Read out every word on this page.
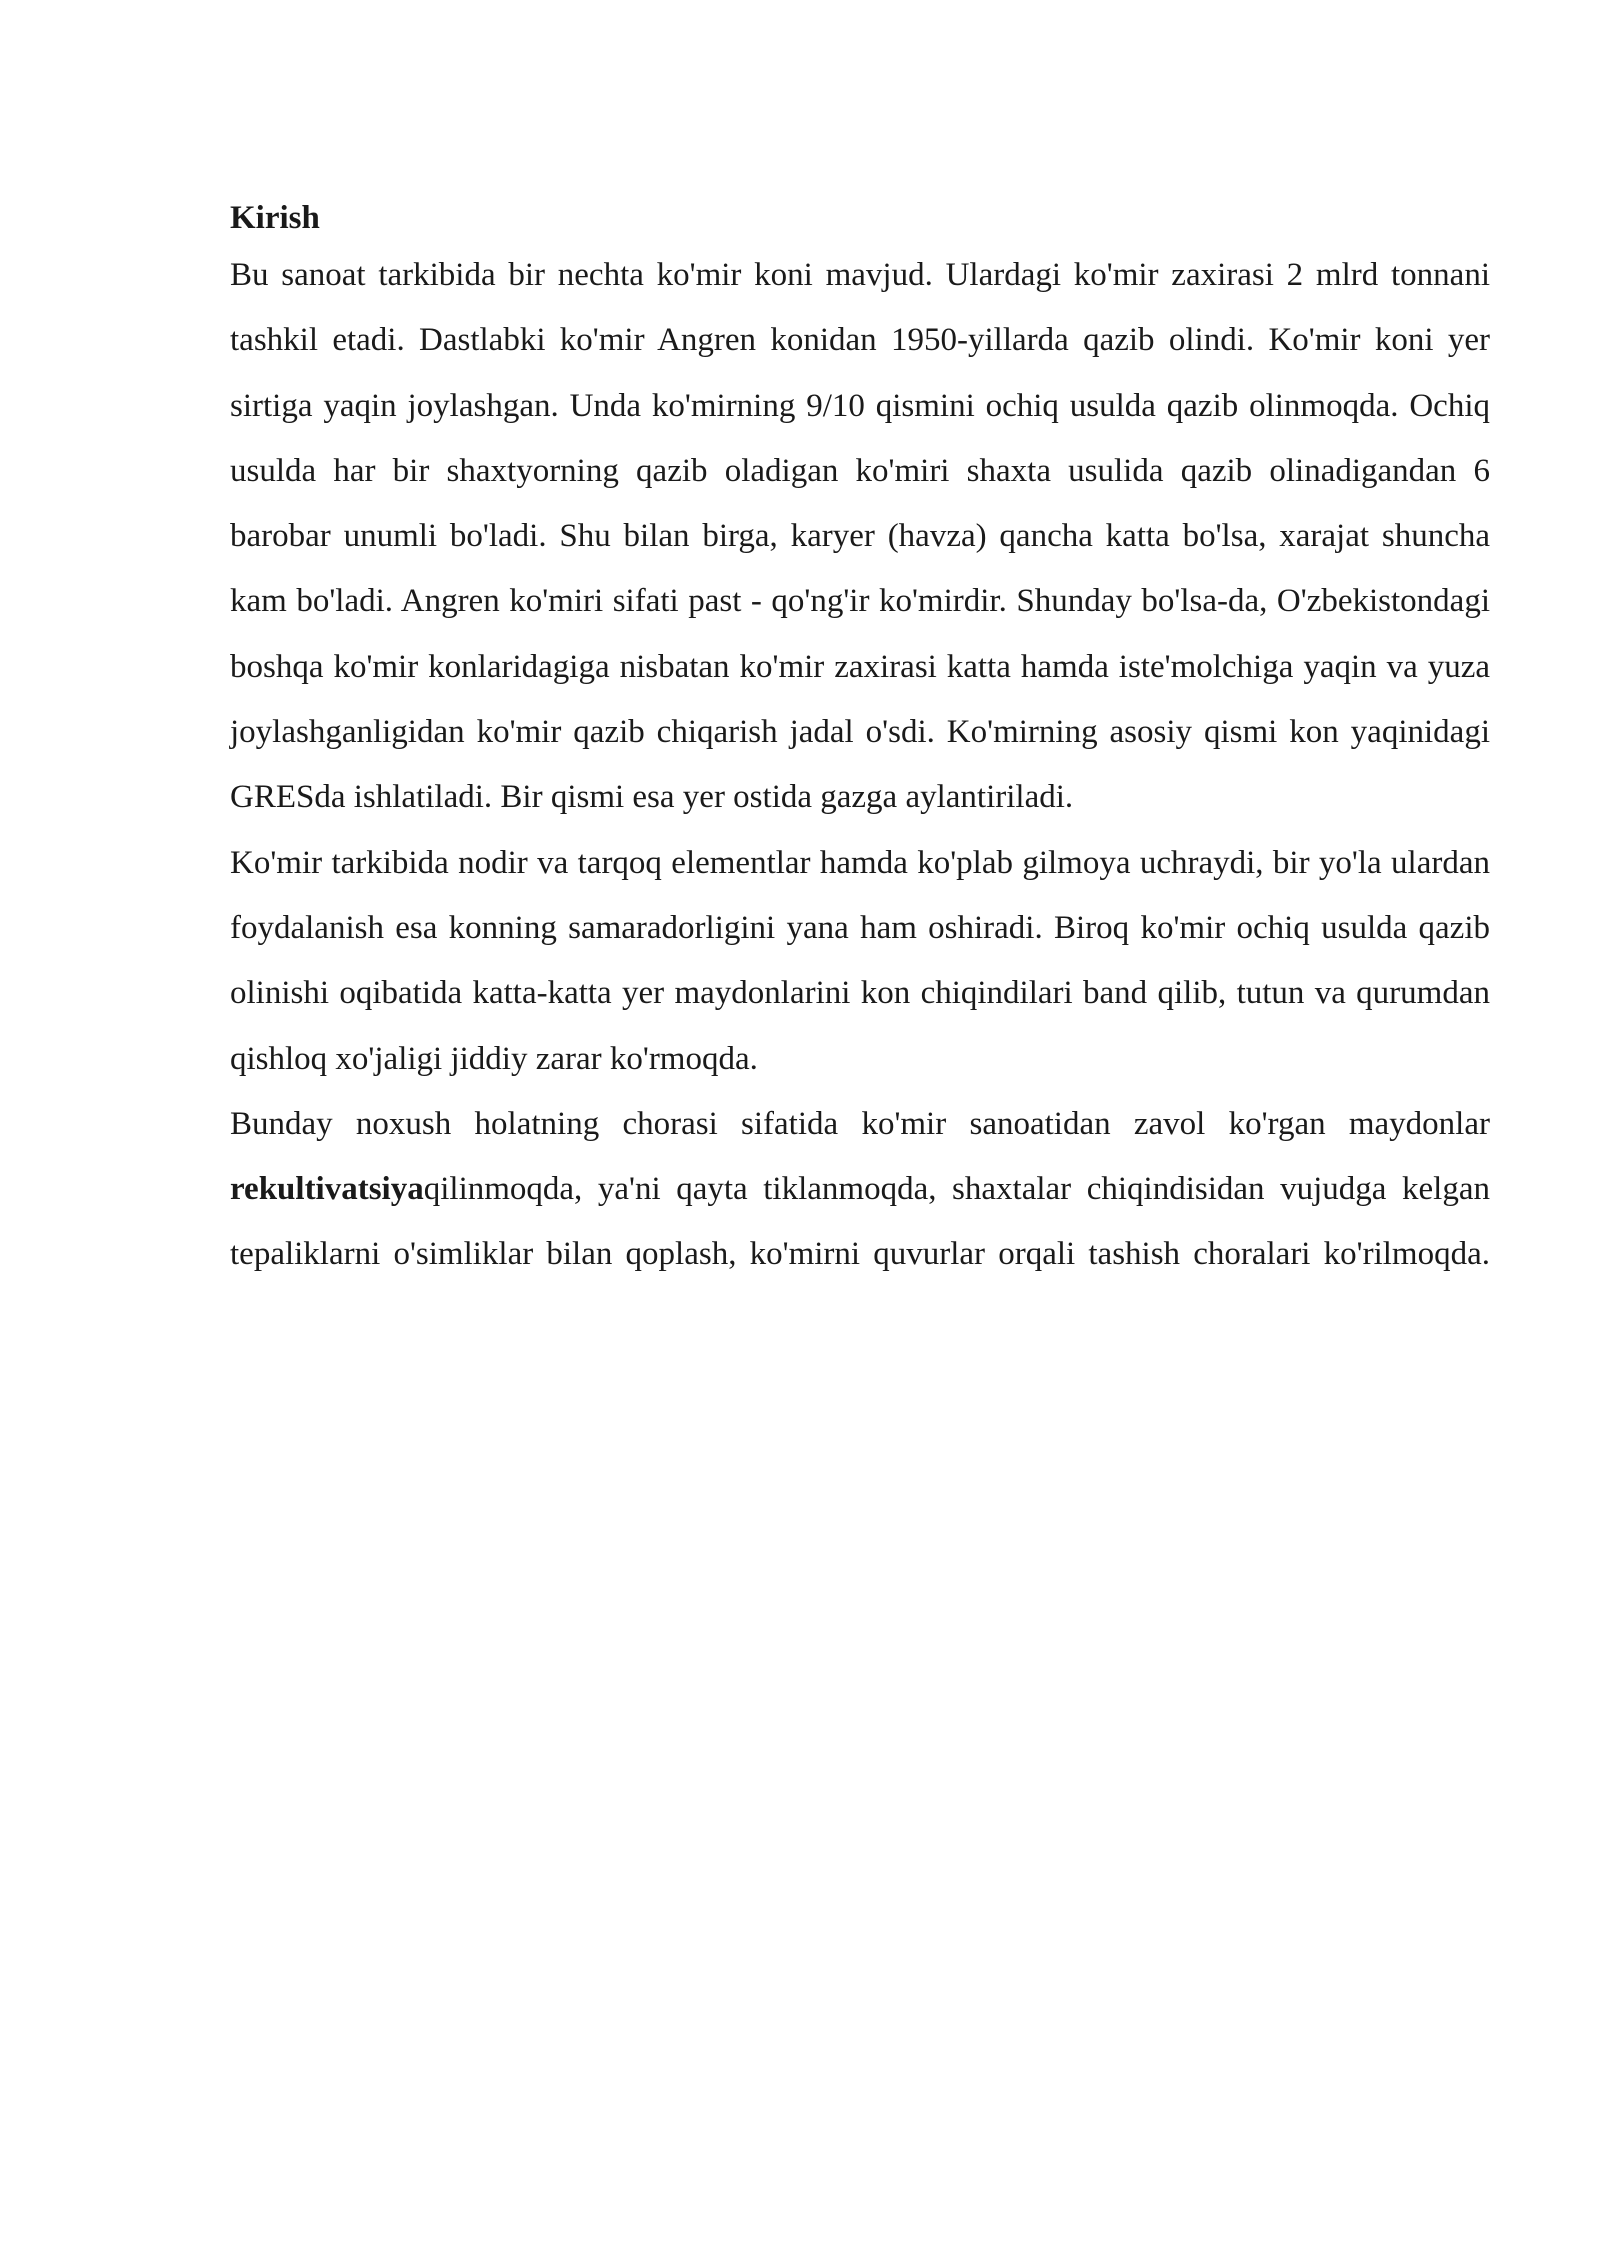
Kirish

Bu sanoat tarkibida bir nechta ko'mir koni mavjud. Ulardagi ko'mir zaxirasi 2 mlrd tonnani tashkil etadi. Dastlabki ko'mir Angren konidan 1950-yillarda qazib olindi. Ko'mir koni yer sirtiga yaqin joylashgan. Unda ko'mirning 9/10 qismini ochiq usulda qazib olinmoqda. Ochiq usulda har bir shaxtyorning qazib oladigan ko'miri shaxta usulida qazib olinadigandan 6 barobar unumli bo'ladi. Shu bilan birga, karyer (havza) qancha katta bo'lsa, xarajat shuncha kam bo'ladi. Angren ko'miri sifati past - qo'ng'ir ko'mirdir. Shunday bo'lsa-da, O'zbekistondagi boshqa ko'mir konlaridagiga nisbatan ko'mir zaxirasi katta hamda iste'molchiga yaqin va yuza joylashganligidan ko'mir qazib chiqarish jadal o'sdi. Ko'mirning asosiy qismi kon yaqinidagi GRESda ishlatiladi. Bir qismi esa yer ostida gazga aylantiriladi.

Ko'mir tarkibida nodir va tarqoq elementlar hamda ko'plab gilmoya uchraydi, bir yo'la ulardan foydalanish esa konning samaradorligini yana ham oshiradi. Biroq ko'mir ochiq usulda qazib olinishi oqibatida katta-katta yer maydonlarini kon chiqindilari band qilib, tutun va qurumdan qishloq xo'jaligi jiddiy zarar ko'rmoqda.

Bunday noxush holatning chorasi sifatida ko'mir sanoatidan zavol ko'rgan maydonlar rekultivatsiyaqilinmoqda, ya'ni qayta tiklanmoqda, shaxtalar chiqindisidan vujudga kelgan tepaliklarni o'simliklar bilan qoplash, ko'mirni quvurlar orqali tashish choralari ko'rilmoqda.
